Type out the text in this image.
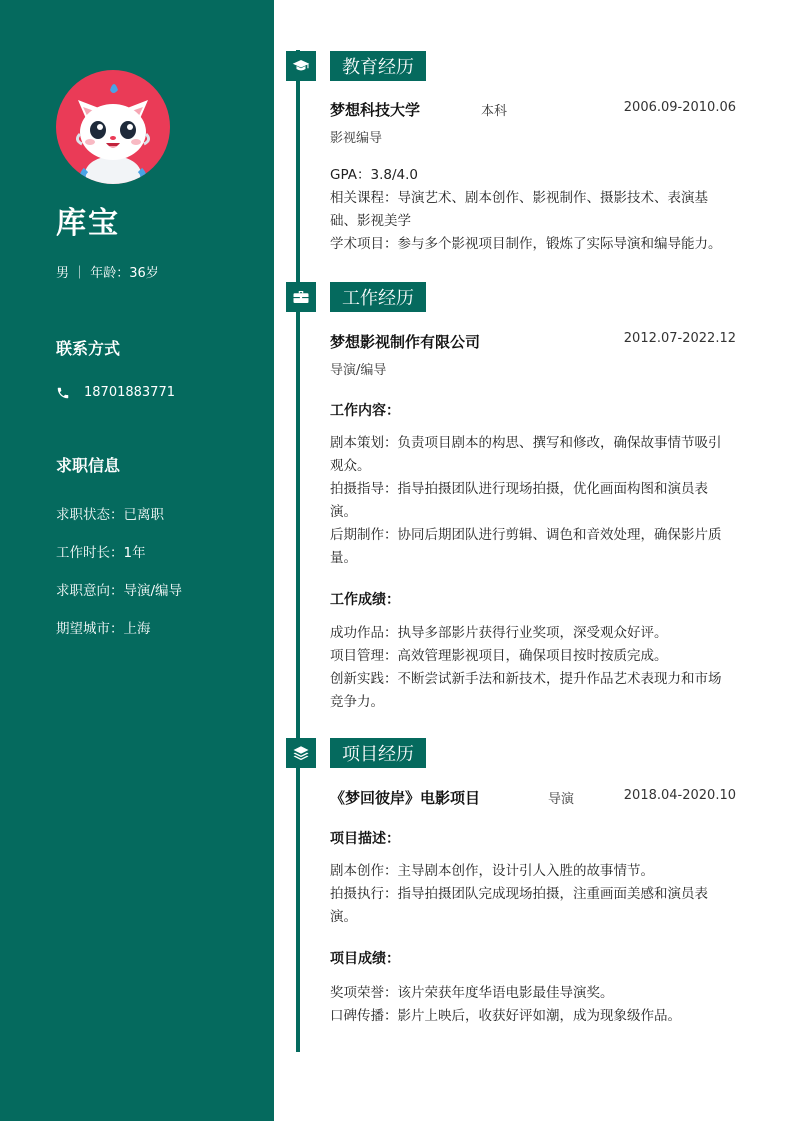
库宝
男 ｜ 年龄：36岁
联系方式
18701883771
求职信息
求职状态：已离职
工作时长：1年
求职意向：导演/编导
期望城市：上海
教育经历
梦想科技大学	本科	2006.09-2010.06
影视编导
GPA：3.8/4.0
相关课程：导演艺术、剧本创作、影视制作、摄影技术、表演基
础、影视美学
学术项目：参与多个影视项目制作，锻炼了实际导演和编导能力。
工作经历
梦想影视制作有限公司	2012.07-2022.12
导演/编导
工作内容：
剧本策划：负责项目剧本的构思、撰写和修改，确保故事情节吸引
观众。
拍摄指导：指导拍摄团队进行现场拍摄，优化画面构图和演员表
演。
后期制作：协同后期团队进行剪辑、调色和音效处理，确保影片质
量。
工作成绩：
成功作品：执导多部影片获得行业奖项，深受观众好评。
项目管理：高效管理影视项目，确保项目按时按质完成。
创新实践：不断尝试新手法和新技术，提升作品艺术表现力和市场
竞争力。
项目经历
《梦回彼岸》电影项目	导演	2018.04-2020.10
项目描述：
剧本创作：主导剧本创作，设计引人入胜的故事情节。
拍摄执行：指导拍摄团队完成现场拍摄，注重画面美感和演员表
演。
项目成绩：
奖项荣誉：该片荣获年度华语电影最佳导演奖。
口碑传播：影片上映后，收获好评如潮，成为现象级作品。
